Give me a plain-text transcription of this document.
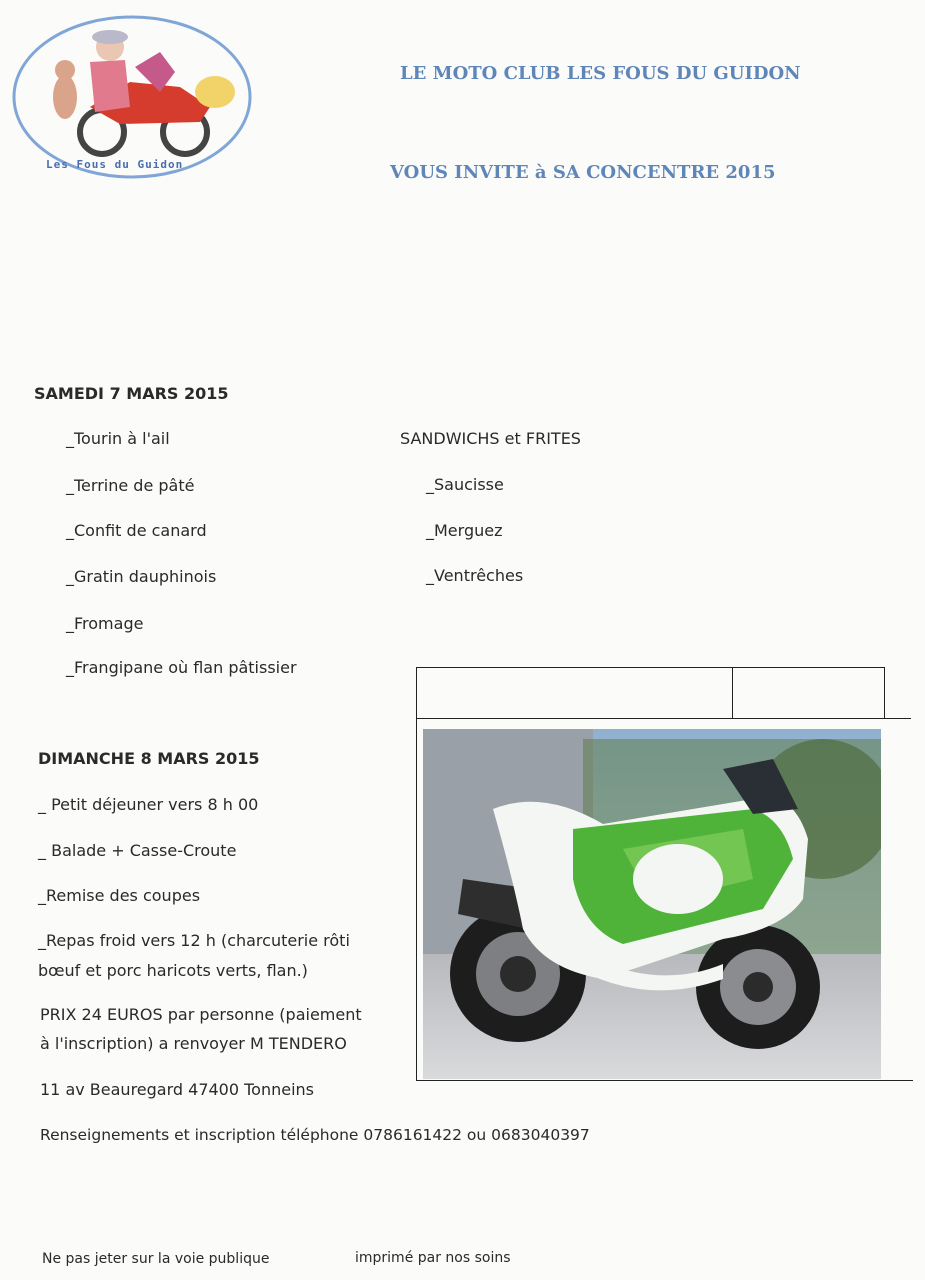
Les Fous du Guidon
LE MOTO CLUB LES FOUS DU GUIDON
VOUS INVITE à SA CONCENTRE 2015
SAMEDI 7 MARS 2015
_Tourin à l'ail
_Terrine de pâté
_Confit de canard
_Gratin dauphinois
_Fromage
_Frangipane où flan pâtissier
SANDWICHS et FRITES
_Saucisse
_Merguez
_Ventrêches
DIMANCHE 8 MARS 2015
_ Petit déjeuner vers 8 h 00
_ Balade + Casse-Croute
_Remise des coupes
_Repas froid vers 12 h (charcuterie rôti
bœuf et porc haricots verts, flan.)
PRIX 24 EUROS par personne (paiement
à l'inscription) a renvoyer M TENDERO
11 av Beauregard 47400 Tonneins
Renseignements et inscription téléphone 0786161422 ou 0683040397
Ne pas jeter sur la voie publique	imprimé par nos soins
